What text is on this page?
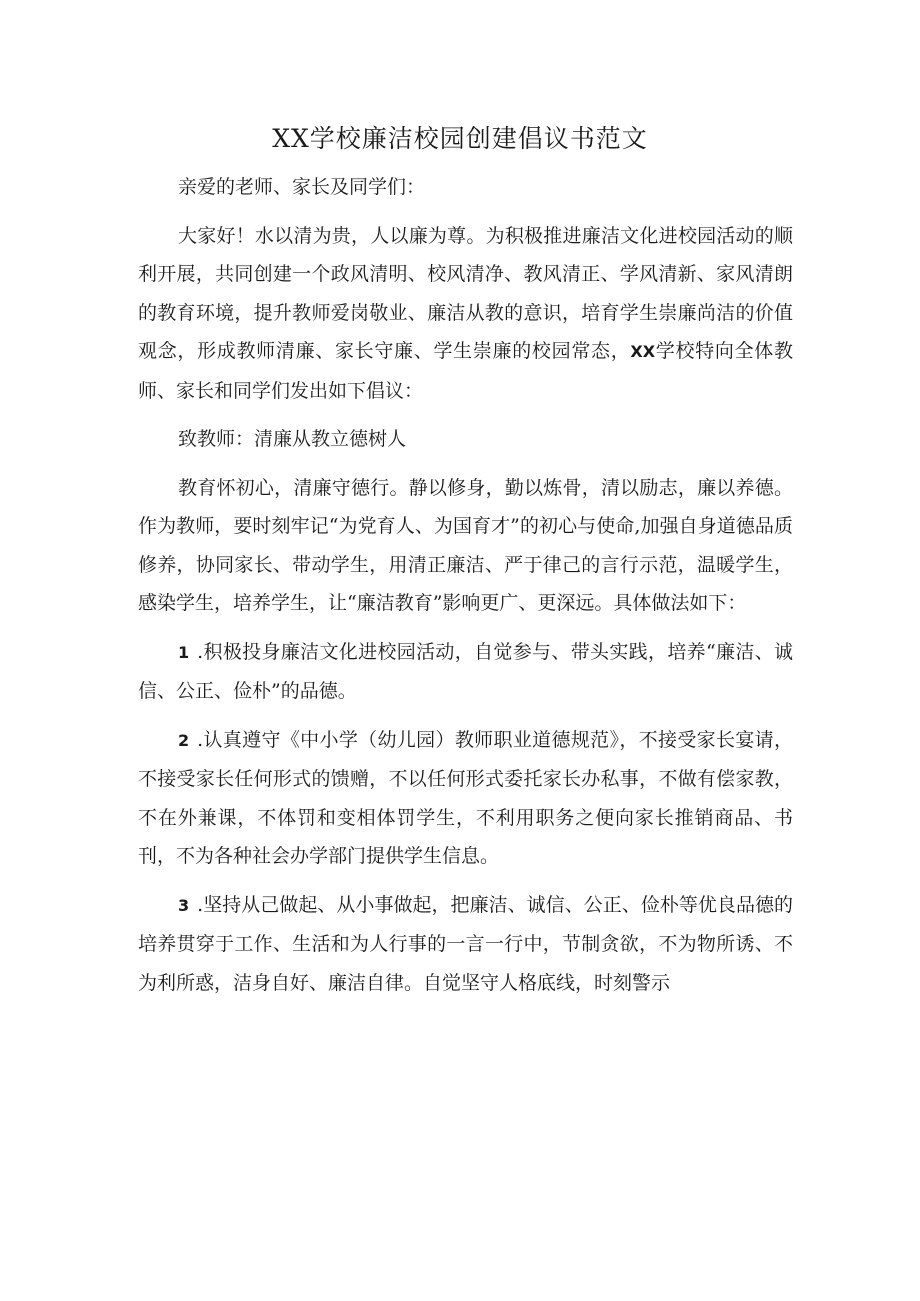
XX学校廉洁校园创建倡议书范文

亲爱的老师、家长及同学们：

大家好！水以清为贵，人以廉为尊。为积极推进廉洁文化进校园活动的顺利开展，共同创建一个政风清明、校风清净、教风清正、学风清新、家风清朗的教育环境，提升教师爱岗敬业、廉洁从教的意识，培育学生崇廉尚洁的价值观念，形成教师清廉、家长守廉、学生崇廉的校园常态，XX学校特向全体教师、家长和同学们发出如下倡议：

致教师：清廉从教立德树人

教育怀初心，清廉守德行。静以修身，勤以炼骨，清以励志，廉以养德。作为教师，要时刻牢记“为党育人、为国育才”的初心与使命,加强自身道德品质修养，协同家长、带动学生，用清正廉洁、严于律己的言行示范，温暖学生，感染学生，培养学生，让“廉洁教育”影响更广、更深远。具体做法如下：

1 .积极投身廉洁文化进校园活动，自觉参与、带头实践，培养“廉洁、诚信、公正、俭朴”的品德。

2 .认真遵守《中小学（幼儿园）教师职业道德规范》，不接受家长宴请，不接受家长任何形式的馈赠，不以任何形式委托家长办私事，不做有偿家教，不在外兼课，不体罚和变相体罚学生，不利用职务之便向家长推销商品、书刊，不为各种社会办学部门提供学生信息。

3 .坚持从己做起、从小事做起，把廉洁、诚信、公正、俭朴等优良品德的培养贯穿于工作、生活和为人行事的一言一行中，节制贪欲，不为物所诱、不为利所惑，洁身自好、廉洁自律。自觉坚守人格底线，时刻警示
